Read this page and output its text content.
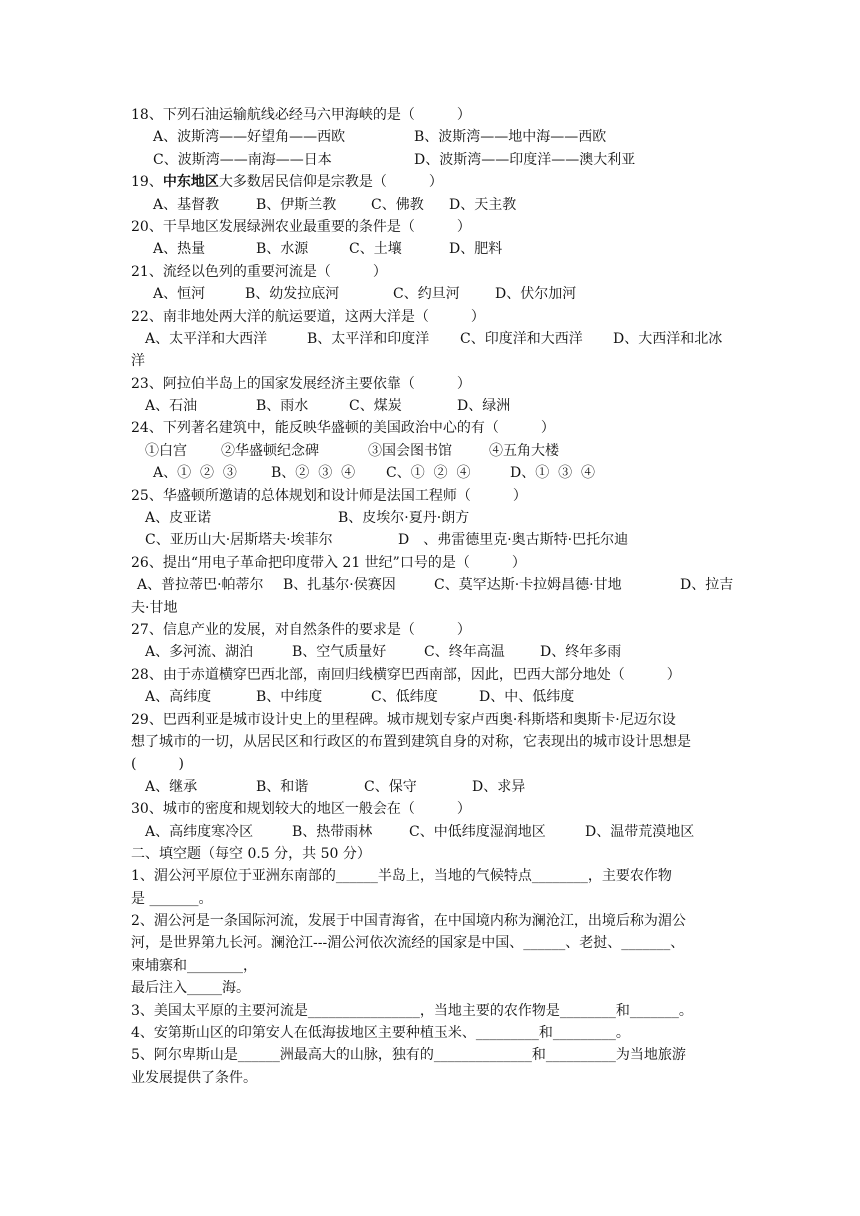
18、下列石油运输航线必经马六甲海峡的是（　　　）
A、波斯湾——好望角——西欧	B、波斯湾——地中海——西欧
C、波斯湾——南海——日本	D、波斯湾——印度洋——澳大利亚
19、中东地区大多数居民信仰是宗教是（　　　）
A、基督教	B、伊斯兰教 C、佛教 D、天主教
20、干旱地区发展绿洲农业最重要的条件是（　　　）
A、热量	B、水源	C、土壤	D、肥料
21、流经以色列的重要河流是（　　　）
A、恒河	B、幼发拉底河	C、约旦河	D、伏尔加河
22、南非地处两大洋的航运要道，这两大洋是（　　　）
A、太平洋和大西洋	B、太平洋和印度洋 C、印度洋和大西洋 D、大西洋和北冰
洋
23、阿拉伯半岛上的国家发展经济主要依靠（　　　）
A、石油	B、雨水	C、煤炭	D、绿洲
24、下列著名建筑中，能反映华盛顿的美国政治中心的有（　　　）
①白宫 ②华盛顿纪念碑	③国会图书馆	④五角大楼
A、①  ②  ③ B、②  ③  ④ C、①  ②  ④	D、①  ③  ④
25、华盛顿所邀请的总体规划和设计师是法国工程师（　　　）
A、皮亚诺	B、皮埃尔·夏丹·朗方
C、亚历山大·居斯塔夫·埃菲尔	D　、弗雷德里克·奥古斯特·巴托尔迪
26、提出“用电子革命把印度带入 21 世纪”口号的是（　　　）
A、普拉蒂巴·帕蒂尔 B、扎基尔·侯赛因	C、莫罕达斯·卡拉姆昌德·甘地	D、拉吉
夫·甘地
27、信息产业的发展，对自然条件的要求是（　　　）
A、多河流、湖泊	B、空气质量好	C、终年高温	D、终年多雨
28、由于赤道横穿巴西北部，南回归线横穿巴西南部，因此，巴西大部分地处（　　　）
A、高纬度	B、中纬度	C、低纬度	D、中、低纬度
29、巴西利亚是城市设计史上的里程碑。城市规划专家卢西奥·科斯塔和奥斯卡·尼迈尔设
想了城市的一切，从居民区和行政区的布置到建筑自身的对称，它表现出的城市设计思想是
(　　　)
A、继承	B、和谐	C、保守	D、求异
30、城市的密度和规划较大的地区一般会在（　　　）
A、高纬度寒冷区	B、热带雨林	C、中低纬度湿润地区	D、温带荒漠地区
二、填空题（每空 0.5 分，共 50 分）
1、湄公河平原位于亚洲东南部的______半岛上，当地的气候特点________，主要农作物
是 _______。
2、湄公河是一条国际河流，发展于中国青海省，在中国境内称为澜沧江，出境后称为湄公
河，是世界第九长河。澜沧江---湄公河依次流经的国家是中国、______、老挝、_______、
柬埔寨和________，
最后注入_____海。
3、美国太平原的主要河流是________________，当地主要的农作物是________和_______。
4、安第斯山区的印第安人在低海拔地区主要种植玉米、_________和_________。
5、阿尔卑斯山是______洲最高大的山脉，独有的______________和__________为当地旅游
业发展提供了条件。
